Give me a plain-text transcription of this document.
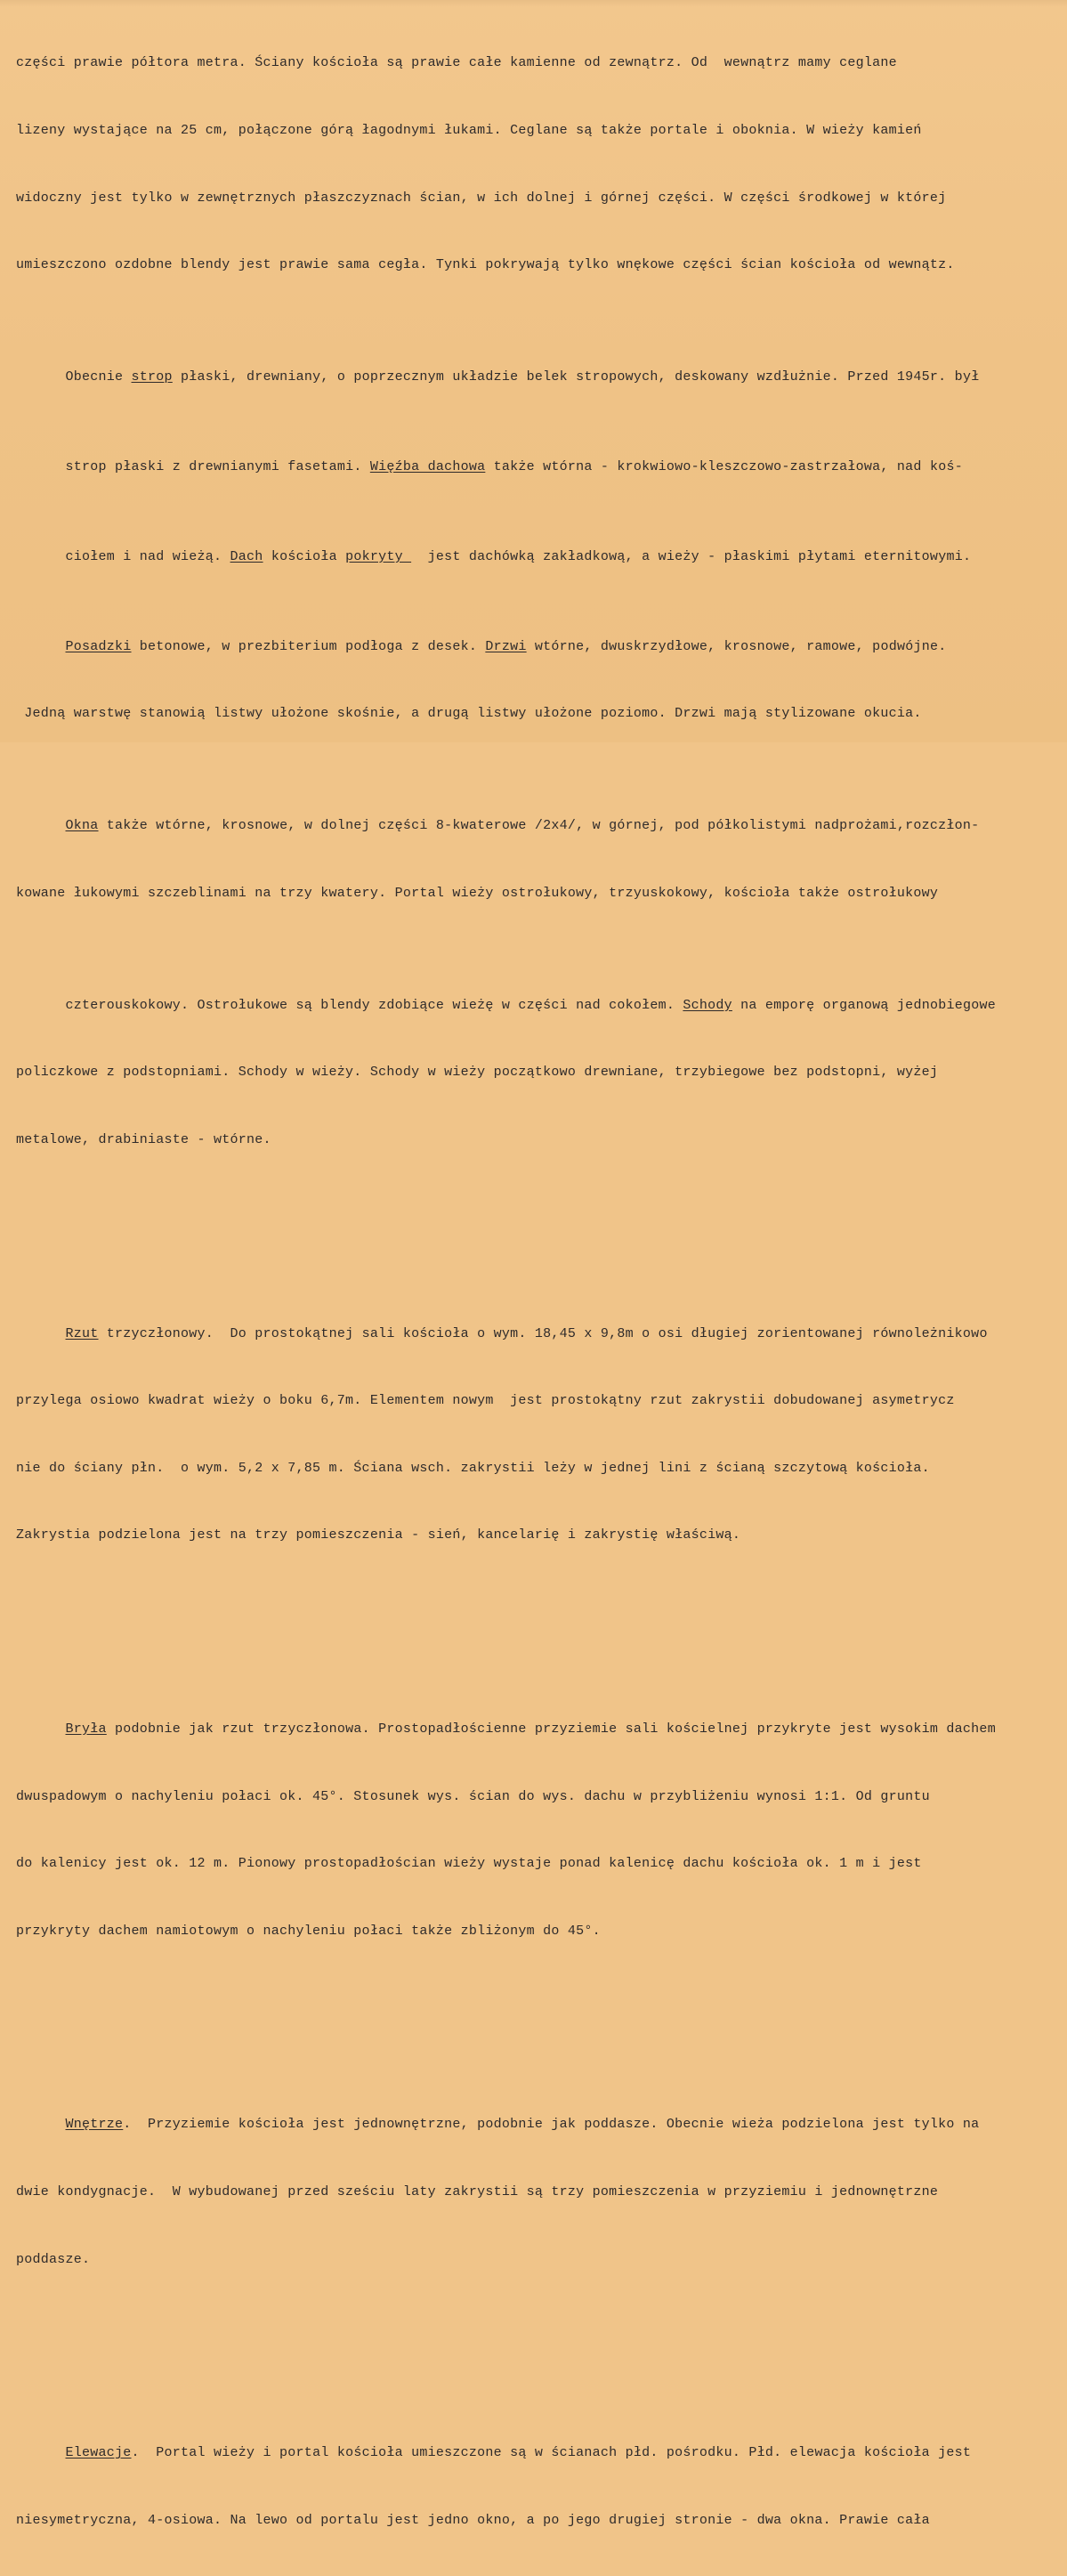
części prawie półtora metra. Ściany kościoła są prawie całe kamienne od zewnątrz. Od  wewnątrz mamy ceglane

lizeny wystające na 25 cm, połączone górą łagodnymi łukami. Ceglane są także portale i obokniа. W wieży kamień

widoczny jest tylko w zewnętrznych płaszczyznach ścian, w ich dolnej i górnej części. W części środkowej w której

umieszczono ozdobne blendy jest prawie sama cegła. Tynki pokrywają tylko wnękowe części ścian kościoła od wewnątz.

Obecnie strop płaski, drewniany, o poprzecznym układzie belek stropowych, deskowany wzdłużnie. Przed 1945r. był

strop płaski z drewnianymi fasetami. Więźba dachowa także wtórna - krokwiowo-kleszczowo-zastrzałowa, nad koś-

ciołem i nad wieżą. Dach kościoła pokryty   jest dachówką zakładkową, a wieży - płaskimi płytami eternitowymi.

Posadzki betonowe, w prezbiterium podłoga z desek. Drzwi wtórne, dwuskrzydłowe, krosnowe, ramowe, podwójne.

Jedną warstwę stanowią listwy ułożone skośnie, a drugą listwy ułożone poziomo. Drzwi mają stylizowane okucia.

Okna także wtórne, krosnowe, w dolnej części 8-kwaterowe /2x4/, w górnej, pod półkolistymi nadprożami,rozczłon-

kowane łukowymi szczeblinami na trzy kwatery. Portal wieży ostrołukowy, trzyuskokowy, kościoła także ostrołukowy

czterouskokowy. Ostrołukowe są blendy zdobiące wieżę w części nad cokołem. Schody na emporę organową jednobiegowe

policzkowe z podstopniami. Schody w wieży. Schody w wieży początkowo drewniane, trzybiegowe bez podstopni, wyżej

metalowe, drabiniaste - wtórne.

Rzut trzyczłonowy.  Do prostokątnej sali kościoła o wym. 18,45 x 9,8m o osi długiej zorientowanej równoleżnikowo

przylega osiowo kwadrat wieży o boku 6,7m. Elementem nowym  jest prostokątny rzut zakrystii dobudowanej asymetrycz

nie do ściany płn.  o wym. 5,2 x 7,85 m. Ściana wsch. zakrystii leży w jednej lini z ścianą szczytową kościoła.

Zakrystia podzielona jest na trzy pomieszczenia - sień, kancelarię i zakrystię właściwą.

Bryła podobnie jak rzut trzyczłonowa. Prostopadłościenne przyziemie sali kościelnej przykryte jest wysokim dachem

dwuspadowym o nachyleniu połaci ok. 45°. Stosunek wys. ścian do wys. dachu w przybliżeniu wynosi 1:1. Od gruntu

do kalenicy jest ok. 12 m. Pionowy prostopadłościan wieży wystaje ponad kalenicę dachu kościoła ok. 1 m i jest

przykryty dachem namiotowym o nachyleniu połaci także zbliżonym do 45°.

Wnętrze.  Przyziemie kościoła jest jednownętrzne, podobnie jak poddasze. Obecnie wieża podzielona jest tylko na

dwie kondygnacje.  W wybudowanej przed sześciu laty zakrystii są trzy pomieszczenia w przyziemiu i jednownętrzne

poddasze.

Elewacje.  Portal wieży i portal kościoła umieszczone są w ścianach płd. pośrodku. Płd. elewacja kościoła jest

niesymetryczna, 4-osiowa. Na lewo od portalu jest jedno okno, a po jego drugiej stronie - dwa okna. Prawie cała
